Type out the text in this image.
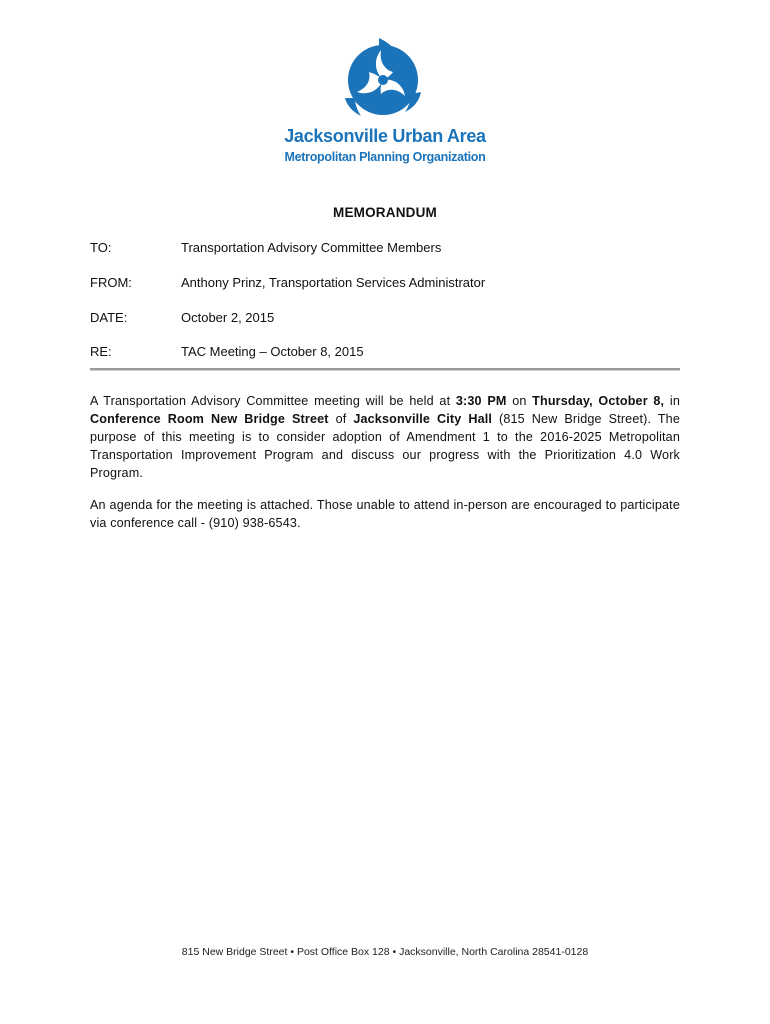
Jacksonville Urban Area
Metropolitan Planning Organization
MEMORANDUM
TO:	Transportation Advisory Committee Members
FROM:	Anthony Prinz, Transportation Services Administrator
DATE:	October 2, 2015
RE:	TAC Meeting – October 8, 2015
A Transportation Advisory Committee meeting will be held at 3:30 PM on Thursday, October 8, in Conference Room New Bridge Street of Jacksonville City Hall (815 New Bridge Street). The purpose of this meeting is to consider adoption of Amendment 1 to the 2016-2025 Metropolitan Transportation Improvement Program and discuss our progress with the Prioritization 4.0 Work Program.
An agenda for the meeting is attached. Those unable to attend in-person are encouraged to participate via conference call - (910) 938-6543.
815 New Bridge Street • Post Office Box 128 • Jacksonville, North Carolina 28541-0128
